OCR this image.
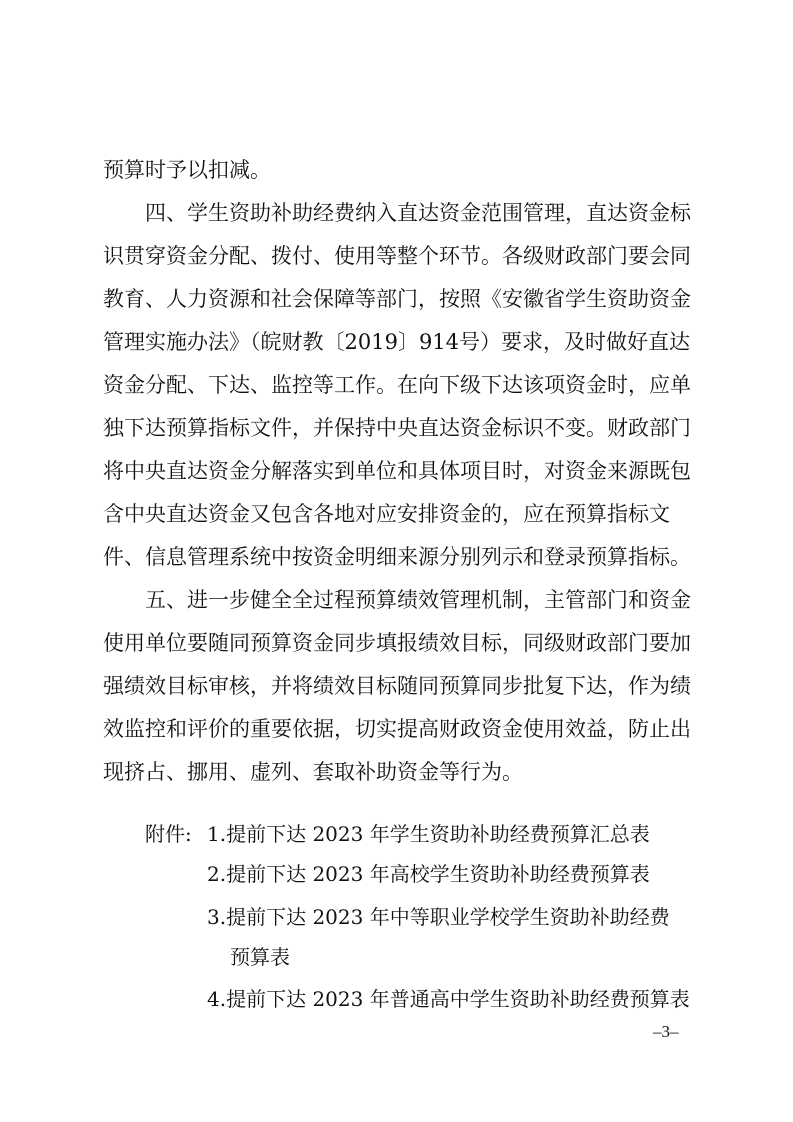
预算时予以扣减。
四、学生资助补助经费纳入直达资金范围管理，直达资金标
识贯穿资金分配、拨付、使用等整个环节。各级财政部门要会同
教育、人力资源和社会保障等部门，按照《安徽省学生资助资金
管理实施办法》（皖财教〔2019〕914号）要求，及时做好直达
资金分配、下达、监控等工作。在向下级下达该项资金时，应单
独下达预算指标文件，并保持中央直达资金标识不变。财政部门
将中央直达资金分解落实到单位和具体项目时，对资金来源既包
含中央直达资金又包含各地对应安排资金的，应在预算指标文
件、信息管理系统中按资金明细来源分别列示和登录预算指标。
五、进一步健全全过程预算绩效管理机制，主管部门和资金
使用单位要随同预算资金同步填报绩效目标，同级财政部门要加
强绩效目标审核，并将绩效目标随同预算同步批复下达，作为绩
效监控和评价的重要依据，切实提高财政资金使用效益，防止出
现挤占、挪用、虚列、套取补助资金等行为。
附件: 1.提前下达 2023 年学生资助补助经费预算汇总表
2.提前下达 2023 年高校学生资助补助经费预算表
3.提前下达 2023 年中等职业学校学生资助补助经费
预算表
4.提前下达 2023 年普通高中学生资助补助经费预算表
–3–
